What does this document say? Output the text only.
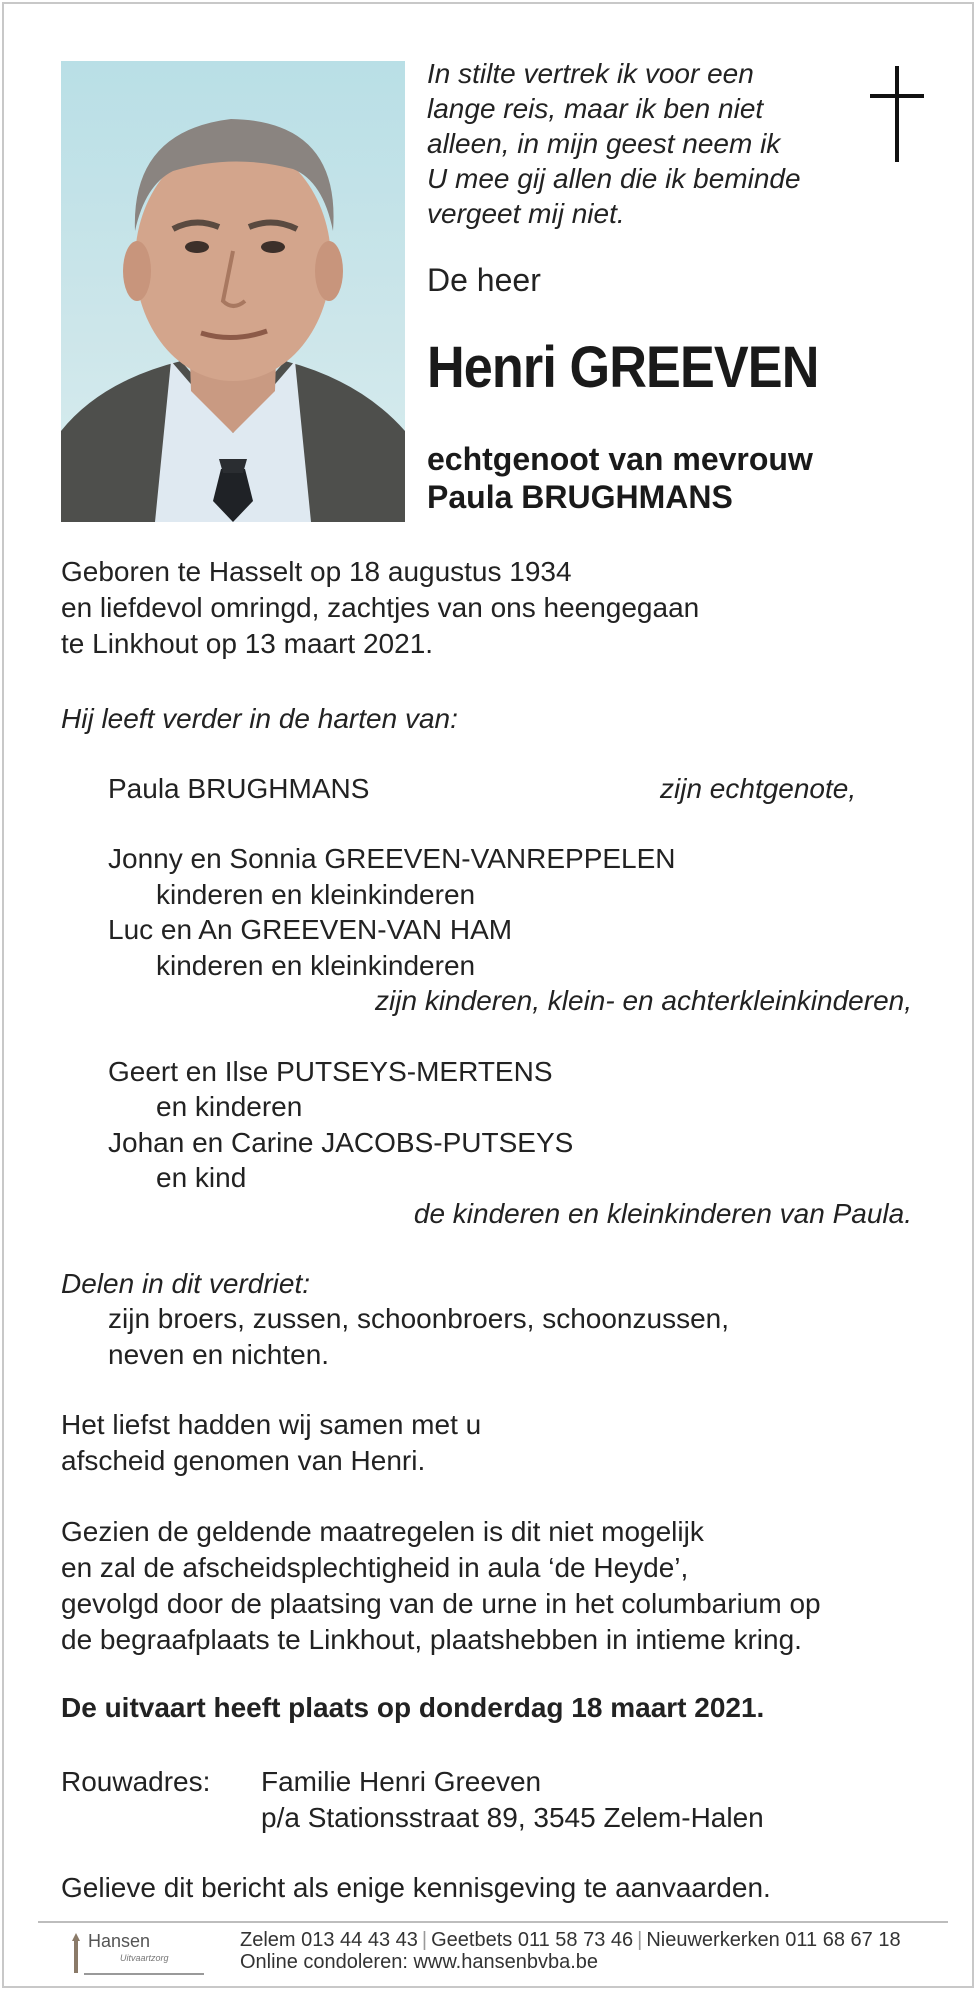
In stilte vertrek ik voor een
lange reis, maar ik ben niet
alleen, in mijn geest neem ik
U mee gij allen die ik beminde
vergeet mij niet.
De heer
Henri GREEVEN
echtgenoot van mevrouw
Paula BRUGHMANS
Geboren te Hasselt op 18 augustus 1934
en liefdevol omringd, zachtjes van ons heengegaan
te Linkhout op 13 maart 2021.
Hij leeft verder in de harten van:
Paula BRUGHMANS	zijn echtgenote,
Jonny en Sonnia GREEVEN-VANREPPELEN
kinderen en kleinkinderen
Luc en An GREEVEN-VAN HAM
kinderen en kleinkinderen
zijn kinderen, klein- en achterkleinkinderen,
Geert en Ilse PUTSEYS-MERTENS
en kinderen
Johan en Carine JACOBS-PUTSEYS
en kind
de kinderen en kleinkinderen van Paula.
Delen in dit verdriet:
zijn broers, zussen, schoonbroers, schoonzussen,
neven en nichten.
Het liefst hadden wij samen met u
afscheid genomen van Henri.
Gezien de geldende maatregelen is dit niet mogelijk
en zal de afscheidsplechtigheid in aula ‘de Heyde’,
gevolgd door de plaatsing van de urne in het columbarium op
de begraafplaats te Linkhout, plaatshebben in intieme kring.
De uitvaart heeft plaats op donderdag 18 maart 2021.
Rouwadres: Familie Henri Greeven
p/a Stationsstraat 89, 3545 Zelem-Halen
Gelieve dit bericht als enige kennisgeving te aanvaarden.
Hansen
Uitvaartzorg
Zelem 013 44 43 43 | Geetbets 011 58 73 46 | Nieuwerkerken 011 68 67 18
Online condoleren: www.hansenbvba.be
